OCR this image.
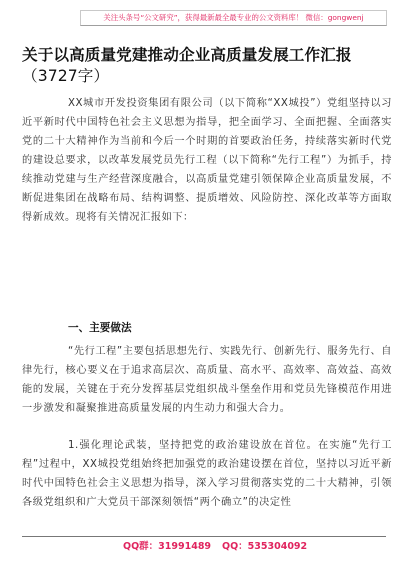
关注头条号“公文研究”，获得最新最全最专业的公文资料库！ 微信：gongwenj
关于以高质量党建推动企业高质量发展工作汇报（3727字）

XX城市开发投资集团有限公司（以下简称“XX城投”）党组坚持以习近平新时代中国特色社会主义思想为指导，把全面学习、全面把握、全面落实党的二十大精神作为当前和今后一个时期的首要政治任务，持续落实新时代党的建设总要求，以改革发展党员先行工程（以下简称“先行工程”）为抓手，持续推动党建与生产经营深度融合，以高质量党建引领保障企业高质量发展，不断促进集团在战略布局、结构调整、提质增效、风险防控、深化改革等方面取得新成效。现将有关情况汇报如下：

一、主要做法

“先行工程”主要包括思想先行、实践先行、创新先行、服务先行、自律先行，核心要义在于追求高层次、高质量、高水平、高效率、高效益、高效能的发展，关键在于充分发挥基层党组织战斗堡垒作用和党员先锋模范作用进一步激发和凝聚推进高质量发展的内生动力和强大合力。

1.强化理论武装，坚持把党的政治建设放在首位。在实施“先行工程”过程中，XX城投党组始终把加强党的政治建设摆在首位，坚持以习近平新时代中国特色社会主义思想为指导，深入学习贯彻落实党的二十大精神，引领各级党组织和广大党员干部深刻领悟“两个确立”的决定性

QQ群：31991489 QQ：535304092
